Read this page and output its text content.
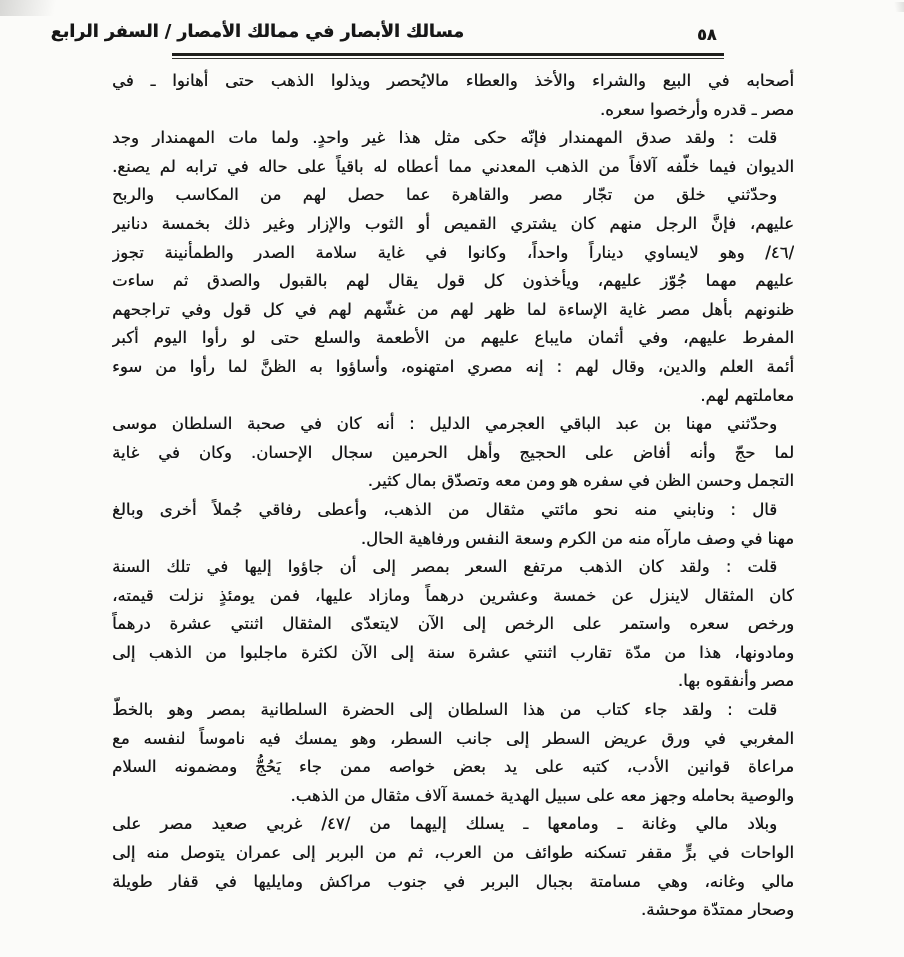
مسالك الأبصار في ممالك الأمصار / السفر الرابع	٥٨
أصحابه في البيع والشراء والأخذ والعطاء مالايُحصر ويذلوا الذهب حتى أهانوا ـ في
مصر ـ قدره وأرخصوا سعره.
قلت : ولقد صدق المهمندار فإنّه حكى مثل هذا غير واحدٍ. ولما مات المهمندار وجد
الديوان فيما خلّفه آلافاً من الذهب المعدني مما أعطاه له باقياً على حاله في ترابه لم يصنع.
وحدّثني خلق من تجّار مصر والقاهرة عما حصل لهم من المكاسب والربح
عليهم، فإنَّ الرجل منهم كان يشتري القميص أو الثوب والإزار وغير ذلك بخمسة دنانير
/٤٦/ وهو لايساوي ديناراً واحداً، وكانوا في غاية سلامة الصدر والطمأنينة تجوز
عليهم مهما جُوّز عليهم، ويأخذون كل قول يقال لهم بالقبول والصدق ثم ساءت
ظنونهم بأهل مصر غاية الإساءة لما ظهر لهم من غشّهم لهم في كل قول وفي تراجحهم
المفرط عليهم، وفي أثمان مايباع عليهم من الأطعمة والسلع حتى لو رأوا اليوم أكبر
أئمة العلم والدين، وقال لهم : إنه مصري امتهنوه، وأساؤوا به الظنَّ لما رأوا من سوء
معاملتهم لهم.
وحدّثني مهنا بن عبد الباقي العجرمي الدليل : أنه كان في صحبة السلطان موسى
لما حجّ وأنه أفاض على الحجيج وأهل الحرمين سجال الإحسان. وكان في غاية
التجمل وحسن الظن في سفره هو ومن معه وتصدّق بمال كثير.
قال : ونابني منه نحو مائتي مثقال من الذهب، وأعطى رفاقي جُملاً أخرى وبالغ
مهنا في وصف مارآه منه من الكرم وسعة النفس ورفاهية الحال.
قلت : ولقد كان الذهب مرتفع السعر بمصر إلى أن جاؤوا إليها في تلك السنة
كان المثقال لاينزل عن خمسة وعشرين درهماً ومازاد عليها، فمن يومئذٍ نزلت قيمته،
ورخص سعره واستمر على الرخص إلى الآن لايتعدّى المثقال اثنتي عشرة درهماً
ومادونها، هذا من مدّة تقارب اثنتي عشرة سنة إلى الآن لكثرة ماجلبوا من الذهب إلى
مصر وأنفقوه بها.
قلت : ولقد جاء كتاب من هذا السلطان إلى الحضرة السلطانية بمصر وهو بالخطّ
المغربي في ورق عريض السطر إلى جانب السطر، وهو يمسك فيه ناموساً لنفسه مع
مراعاة قوانين الأدب، كتبه على يد بعض خواصه ممن جاء يَحُجُّ ومضمونه السلام
والوصية بحامله وجهز معه على سبيل الهدية خمسة آلاف مثقال من الذهب.
وبلاد مالي وغانة ـ ومامعها ـ يسلك إليهما من /٤٧/ غربي صعيد مصر على
الواحات في برٍّ مقفر تسكنه طوائف من العرب، ثم من البربر إلى عمران يتوصل منه إلى
مالي وغانه، وهي مسامتة بجبال البربر في جنوب مراكش ومايليها في قفار طويلة
وصحار ممتدّة موحشة.
